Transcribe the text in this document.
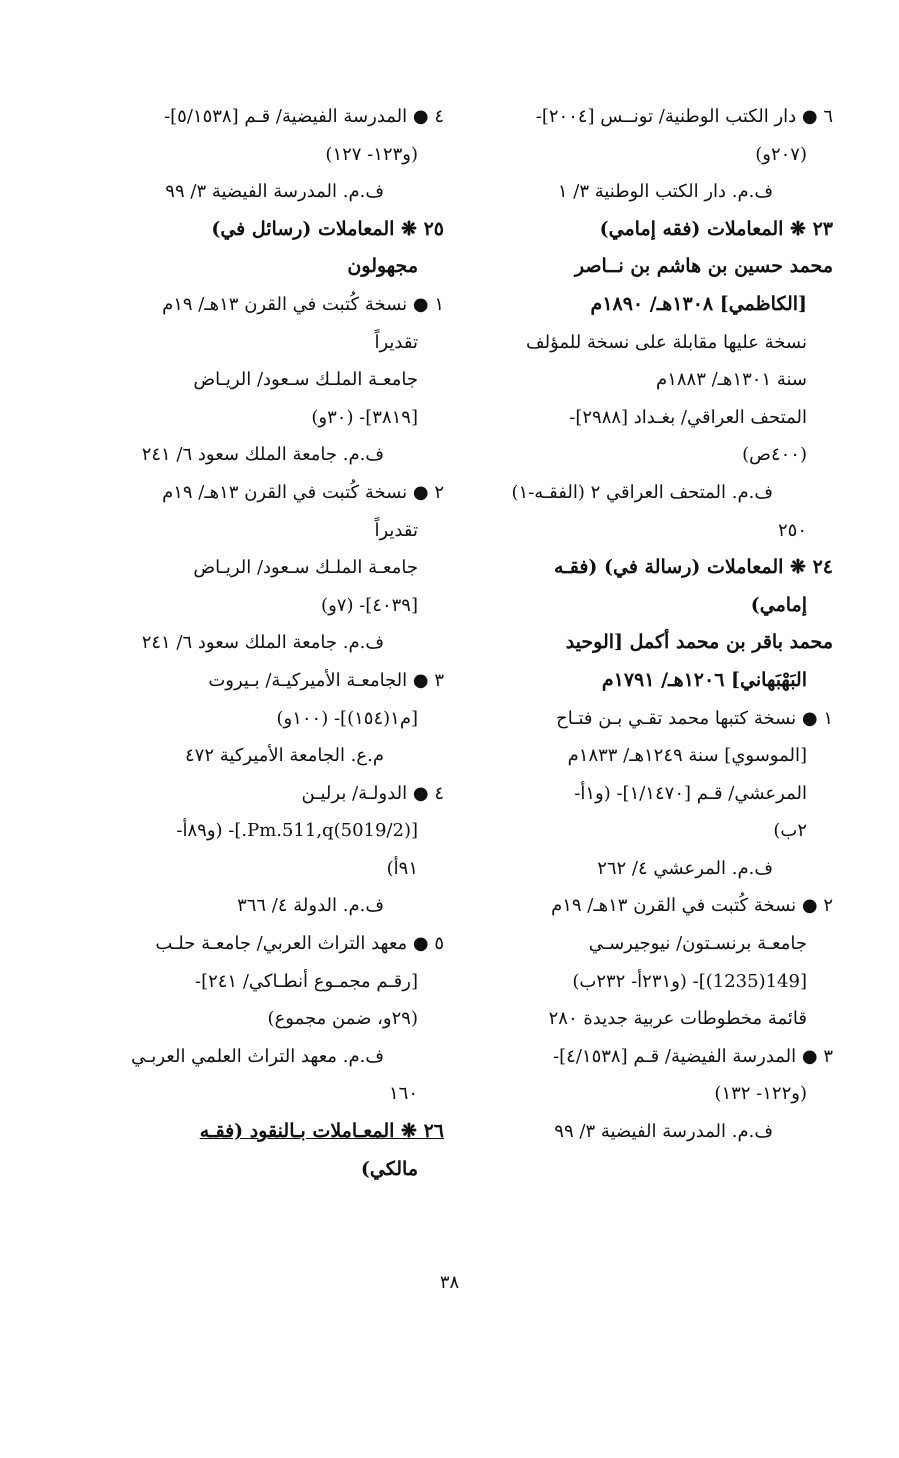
٦ ● دار الكتب الوطنية/ تونــس [٢٠٠٤]-
(٢٠٧و)
ف.م. دار الكتب الوطنية ٣/ ١
٢٣ ❋ المعاملات (فقه إمامي)
محمد حسين بن هاشم بن نــاصر
[الكاظمي] ١٣٠٨هـ/ ١٨٩٠م
نسخة عليها مقابلة على نسخة للمؤلف
سنة ١٣٠١هـ/ ١٨٨٣م
المتحف العراقي/ بغـداد [٢٩٨٨]-
(٤٠٠ص)
ف.م. المتحف العراقي ٢ (الفقـه-١)
٢٥٠
٢٤ ❋ المعاملات (رسالة في) (فقـه
إمامي)
محمد باقر بن محمد أكمل [الوحيد
البَهْبَهاني] ١٢٠٦هـ/ ١٧٩١م
١ ● نسخة كتبها محمد تقـي بـن فتـاح
[الموسوي] سنة ١٢٤٩هـ/ ١٨٣٣م
المرعشي/ قـم [١/١٤٧٠]- (و١أ-
٢ب)
ف.م. المرعشي ٤/ ٢٦٢
٢ ● نسخة كُتبت في القرن ١٣هـ/ ١٩م
جامعـة برنسـتون/ نيوجيرسـي
[149(1235)]- (و٢٣١أ- ٢٣٢ب)
قائمة مخطوطات عربية جديدة ٢٨٠
٣ ● المدرسة الفيضية/ قـم [٤/١٥٣٨]-
(و١٢٢- ١٣٢)
ف.م. المدرسة الفيضية ٣/ ٩٩
٤ ● المدرسة الفيضية/ قـم [٥/١٥٣٨]-
(و١٢٣- ١٢٧)
ف.م. المدرسة الفيضية ٣/ ٩٩
٢٥ ❋ المعاملات (رسائل في)
مجهولون
١ ● نسخة كُتبت في القرن ١٣هـ/ ١٩م
تقديراً
جامعـة الملـك سـعود/ الريـاض
[٣٨١٩]- (٣٠و)
ف.م. جامعة الملك سعود ٦/ ٢٤١
٢ ● نسخة كُتبت في القرن ١٣هـ/ ١٩م
تقديراً
جامعـة الملـك سـعود/ الريـاض
[٤٠٣٩]- (٧و)
ف.م. جامعة الملك سعود ٦/ ٢٤١
٣ ● الجامعـة الأميركيـة/ بـيروت
[م١(١٥٤)]- (١٠٠و)
م.ع. الجامعة الأميركية ٤٧٢
٤ ● الدولـة/ برليـن
[(5019/2)Pm.511,q.]- (و٨٩أ-
٩١أ)
ف.م. الدولة ٤/ ٣٦٦
٥ ● معهد التراث العربي/ جامعـة حلـب
[رقـم مجمـوع أنطـاكي/ ٢٤١]-
(٢٩و، ضمن مجموع)
ف.م. معهد التراث العلمي العربـي
١٦٠
٢٦ ❋ المعـاملات بـالنقود (فقـه
مالكي)
٣٨
